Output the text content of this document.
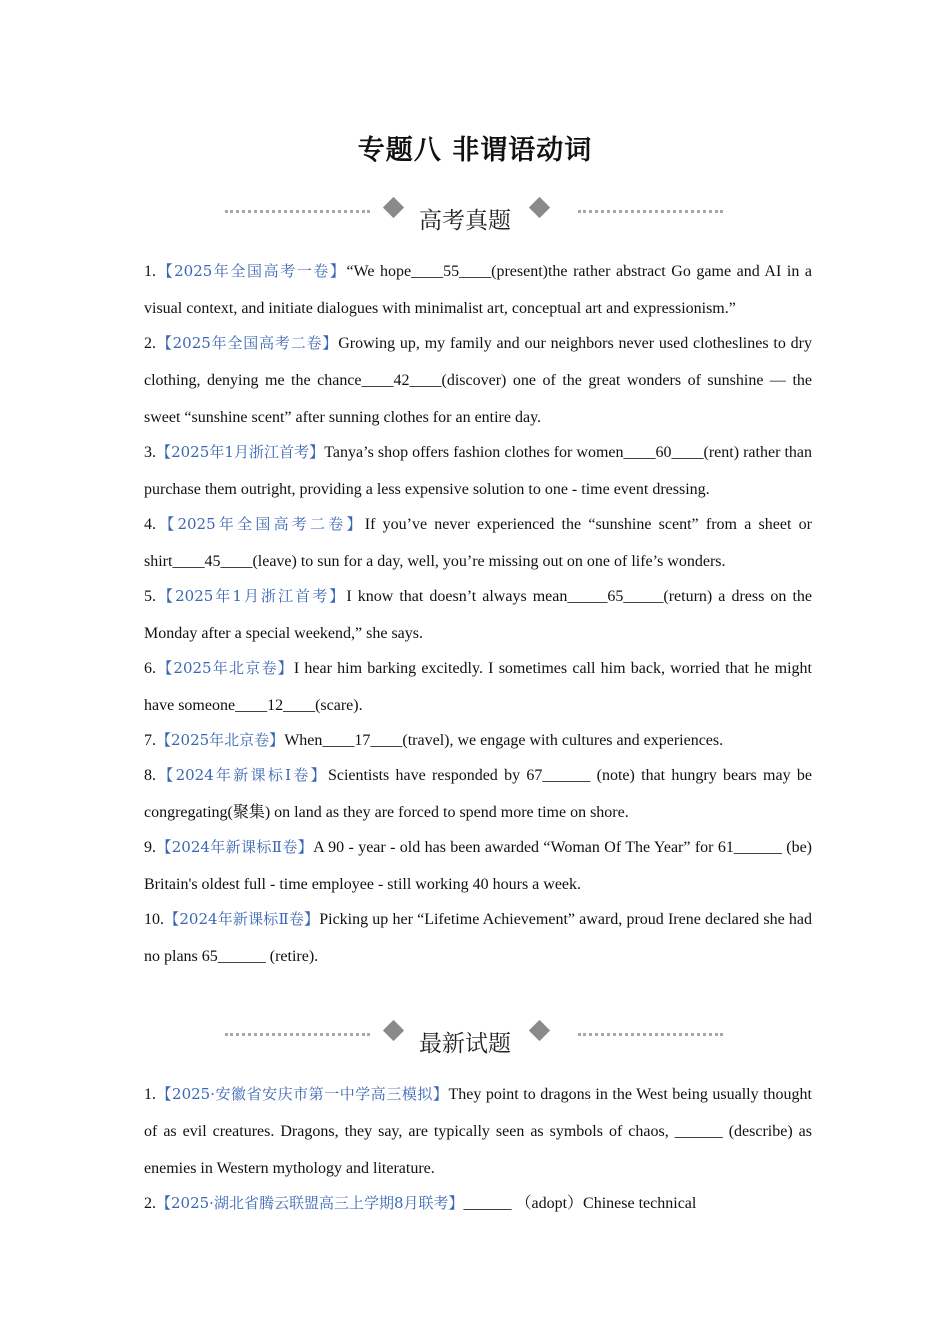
专题八 非谓语动词
高考真题

1.【2025年全国高考一卷】“We hope____55____(present)the rather abstract Go game and AI in a visual context, and initiate dialogues with minimalist art, conceptual art and expressionism.”

2.【2025年全国高考二卷】Growing up, my family and our neighbors never used clotheslines to dry clothing, denying me the chance____42____(discover) one of the great wonders of sunshine — the sweet “sunshine scent” after sunning clothes for an entire day.

3.【2025年1月浙江首考】Tanya’s shop offers fashion clothes for women____60____(rent) rather than purchase them outright, providing a less expensive solution to one - time event dressing.

4.【2025年全国高考二卷】If you’ve never experienced the “sunshine scent” from a sheet or shirt____45____(leave) to sun for a day, well, you’re missing out on one of life’s wonders.

5.【2025年1月浙江首考】I know that doesn’t always mean_____65_____(return) a dress on the Monday after a special weekend,” she says.

6.【2025年北京卷】I hear him barking excitedly. I sometimes call him back, worried that he might have someone____12____(scare).

7.【2025年北京卷】When____17____(travel), we engage with cultures and experiences.

8.【2024年新课标Ⅰ卷】Scientists have responded by 67______ (note) that hungry bears may be congregating(聚集) on land as they are forced to spend more time on shore.

9.【2024年新课标Ⅱ卷】A 90 - year - old has been awarded “Woman Of The Year” for 61______ (be) Britain's oldest full - time employee - still working 40 hours a week.

10.【2024年新课标Ⅱ卷】Picking up her “Lifetime Achievement” award, proud Irene declared she had no plans 65______ (retire).

最新试题

1.【2025·安徽省安庆市第一中学高三模拟】They point to dragons in the West being usually thought of as evil creatures. Dragons, they say, are typically seen as symbols of chaos, ______ (describe) as enemies in Western mythology and literature.

2.【2025·湖北省腾云联盟高三上学期8月联考】______ （adopt）Chinese technical
